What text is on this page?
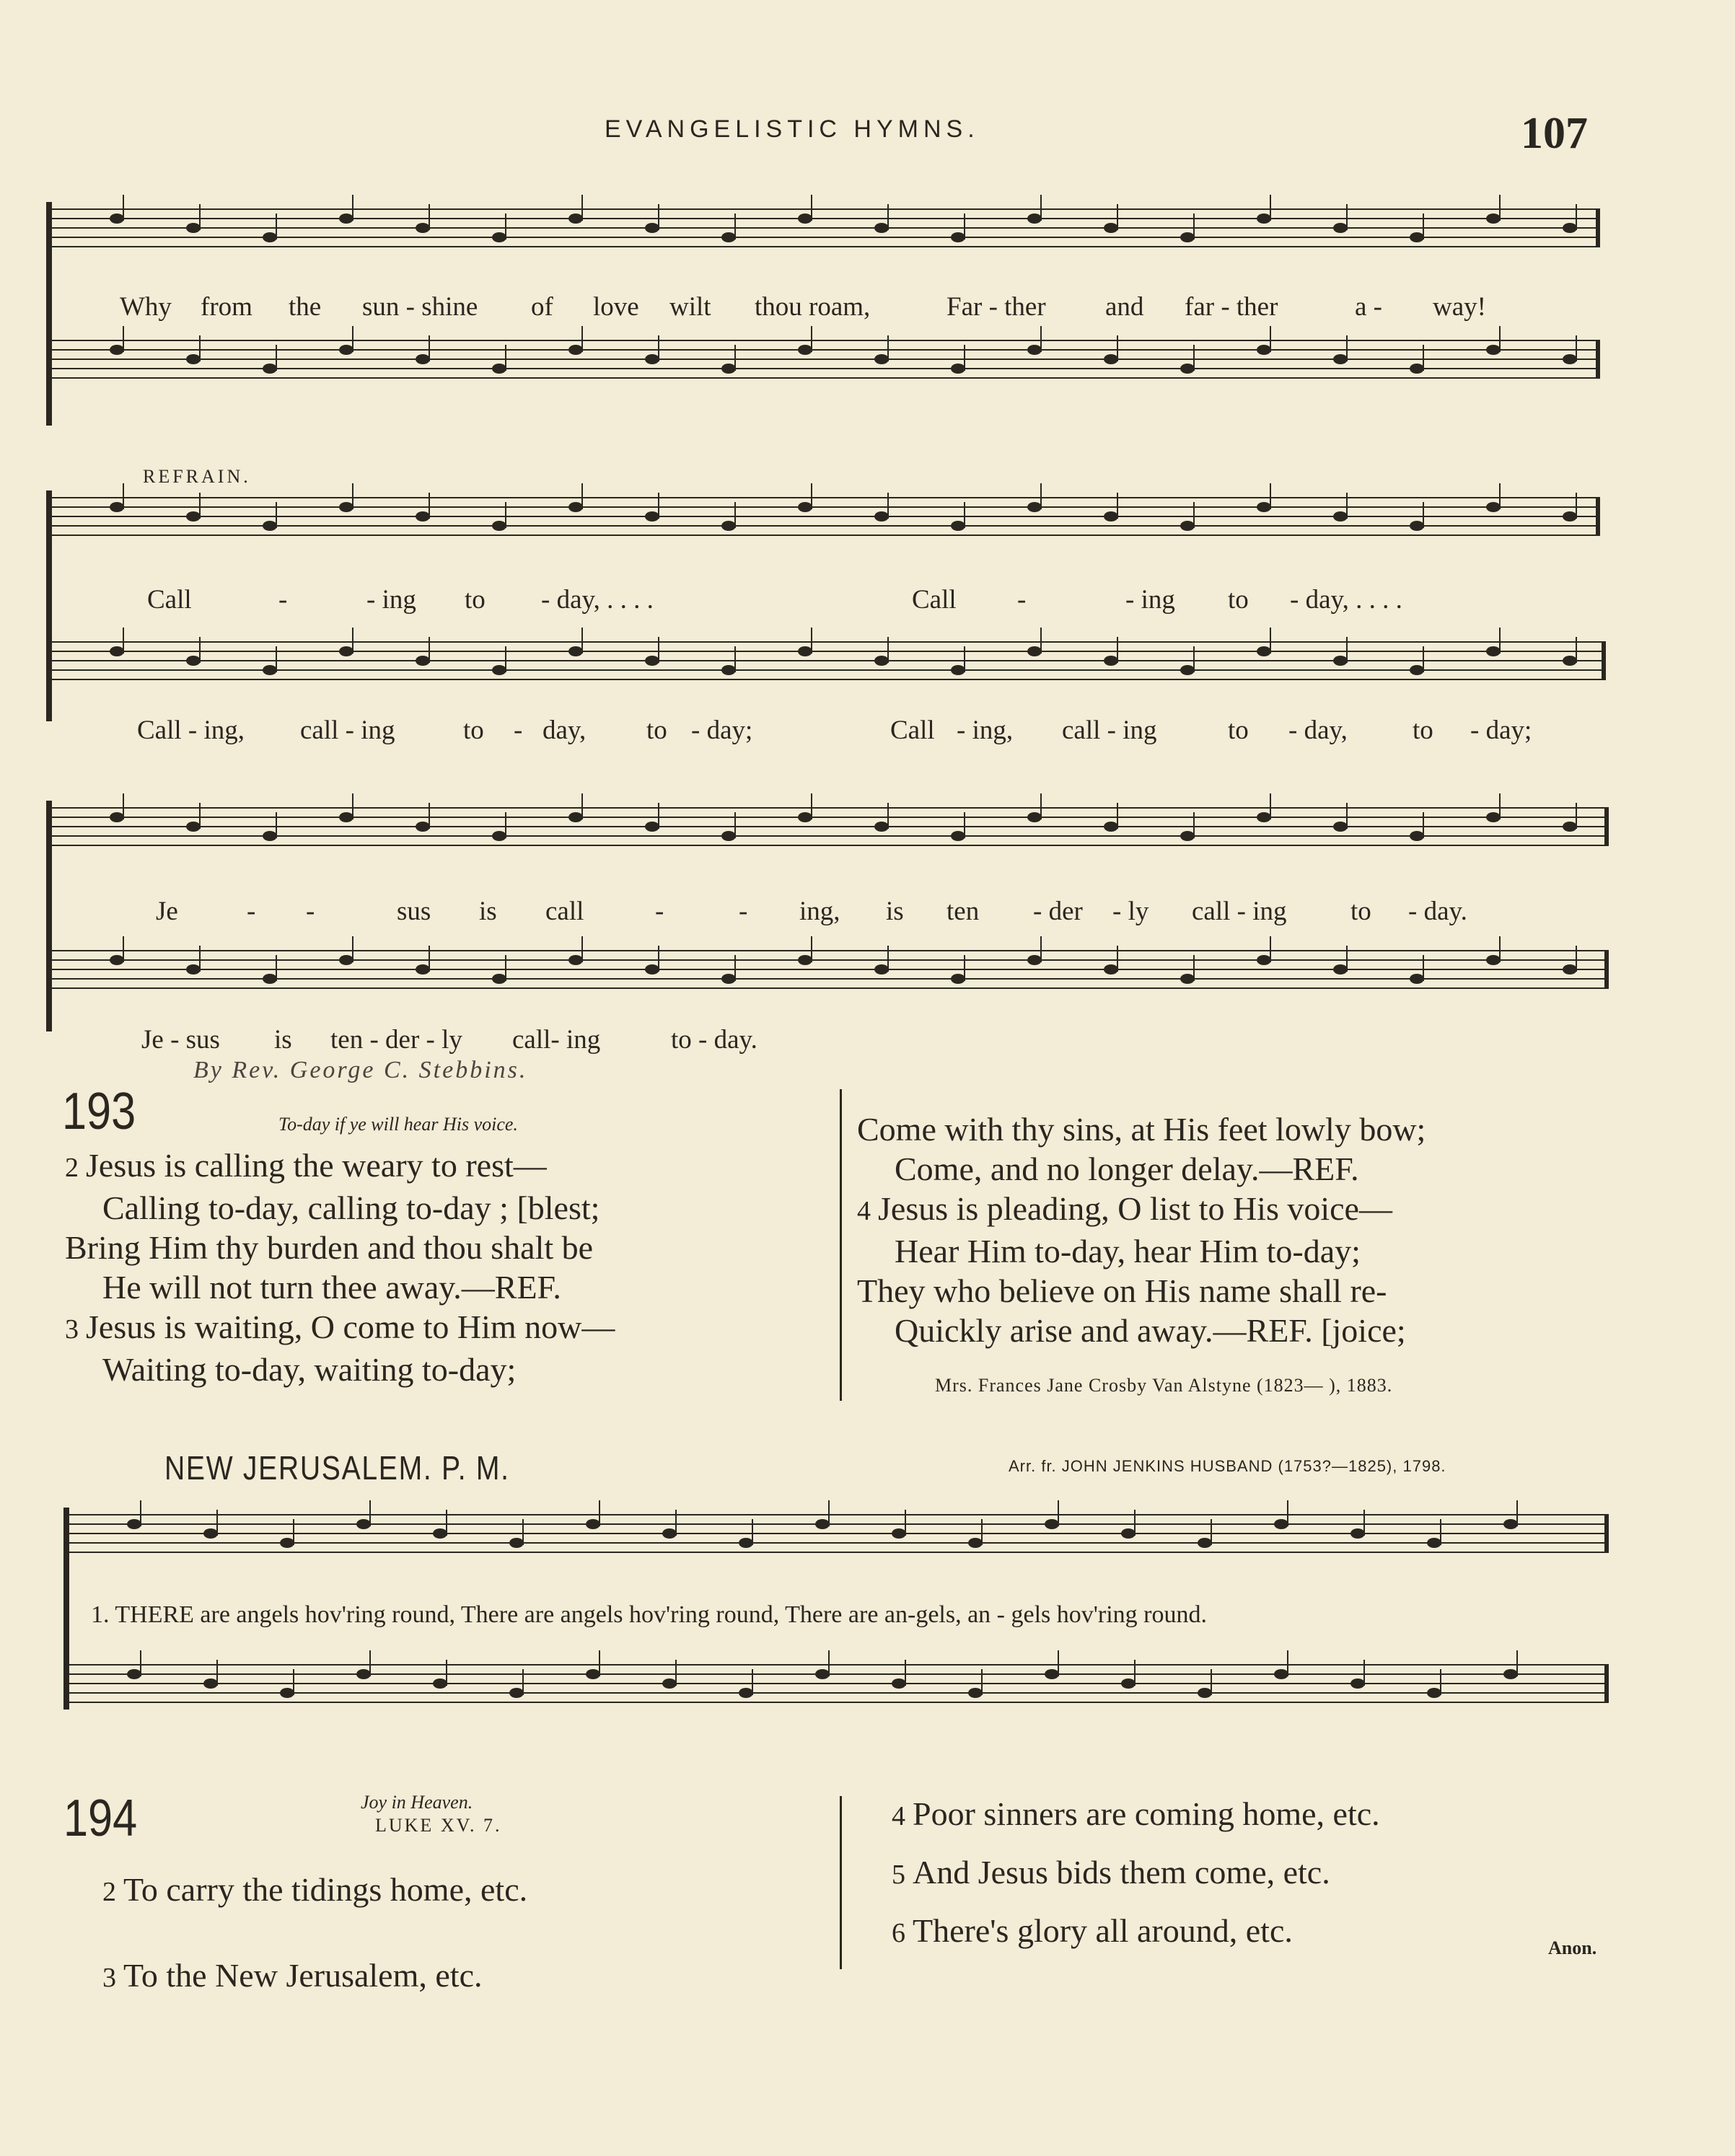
EVANGELISTIC HYMNS.	107
Why from the sun - shine of love wilt thou roam,	Far - ther and far - ther	a - way!
REFRAIN.
Call	-	- ing to - day, . . . .	Call -	- ing to - day, . . . .
Call - ing, call - ing	to - day, to - day;	Call - ing, call - ing	to - day, to - day;
Je	- -	sus is call	-	- ing, is ten - der - ly call - ing to - day.
Je - sus is ten - der - ly call- ing	to - day.
By Rev. George C. Stebbins.
193	To-day if ye will hear His voice.
2 Jesus is calling the weary to rest—
Calling to-day, calling to-day ; [blest;
Bring Him thy burden and thou shalt be
He will not turn thee away.—REF.
3 Jesus is waiting, O come to Him now—
Waiting to-day, waiting to-day;
Come with thy sins, at His feet lowly bow;
Come, and no longer delay.—REF.
4 Jesus is pleading, O list to His voice—
Hear Him to-day, hear Him to-day;
They who believe on His name shall re-
Quickly arise and away.—REF. [joice;
Mrs. Frances Jane Crosby Van Alstyne (1823— ), 1883.
NEW JERUSALEM. P. M.	Arr. fr. JOHN JENKINS HUSBAND (1753?—1825), 1798.
1. THERE are angels hov'ring round, There are angels hov'ring round, There are an-gels, an - gels hov'ring round.
194	Joy in Heaven.
LUKE XV. 7.
2 To carry the tidings home, etc.
3 To the New Jerusalem, etc.
4 Poor sinners are coming home, etc.
5 And Jesus bids them come, etc.
6 There's glory all around, etc.	Anon.
